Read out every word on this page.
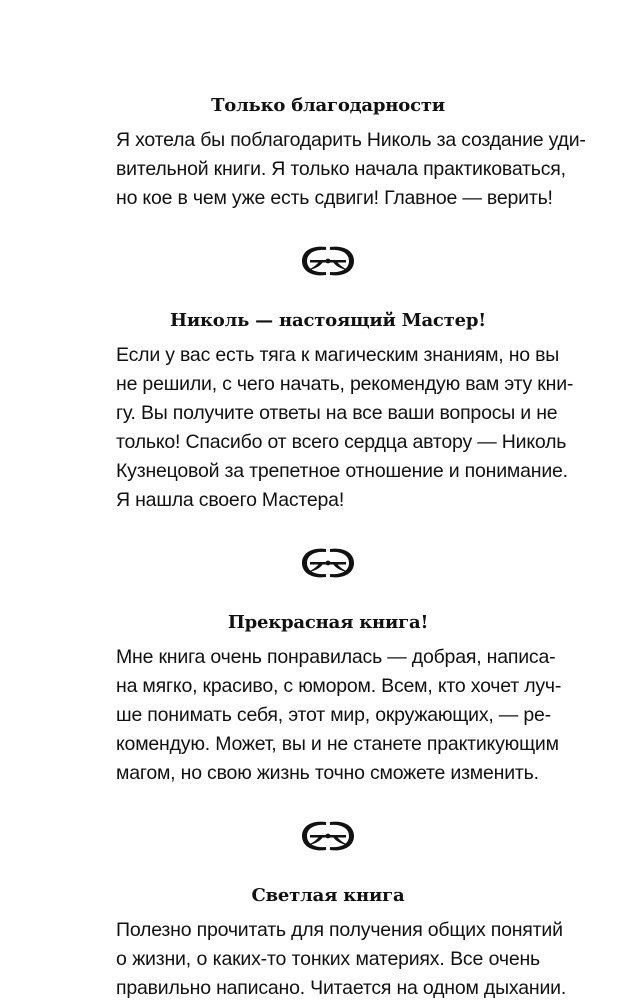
Только благодарности

Я хотела бы поблагодарить Николь за создание уди-
вительной книги. Я только начала практиковаться,
но кое в чем уже есть сдвиги! Главное — верить!

Николь — настоящий Мастер!

Если у вас есть тяга к магическим знаниям, но вы
не решили, с чего начать, рекомендую вам эту кни-
гу. Вы получите ответы на все ваши вопросы и не
только! Спасибо от всего сердца автору — Николь
Кузнецовой за трепетное отношение и понимание.
Я нашла своего Мастера!

Прекрасная книга!

Мне книга очень понравилась — добрая, написа-
на мягко, красиво, с юмором. Всем, кто хочет луч-
ше понимать себя, этот мир, окружающих, — ре-
комендую. Может, вы и не станете практикующим
магом, но свою жизнь точно сможете изменить.

Светлая книга

Полезно прочитать для получения общих понятий
о жизни, о каких-то тонких материях. Все очень
правильно написано. Читается на одном дыхании.
